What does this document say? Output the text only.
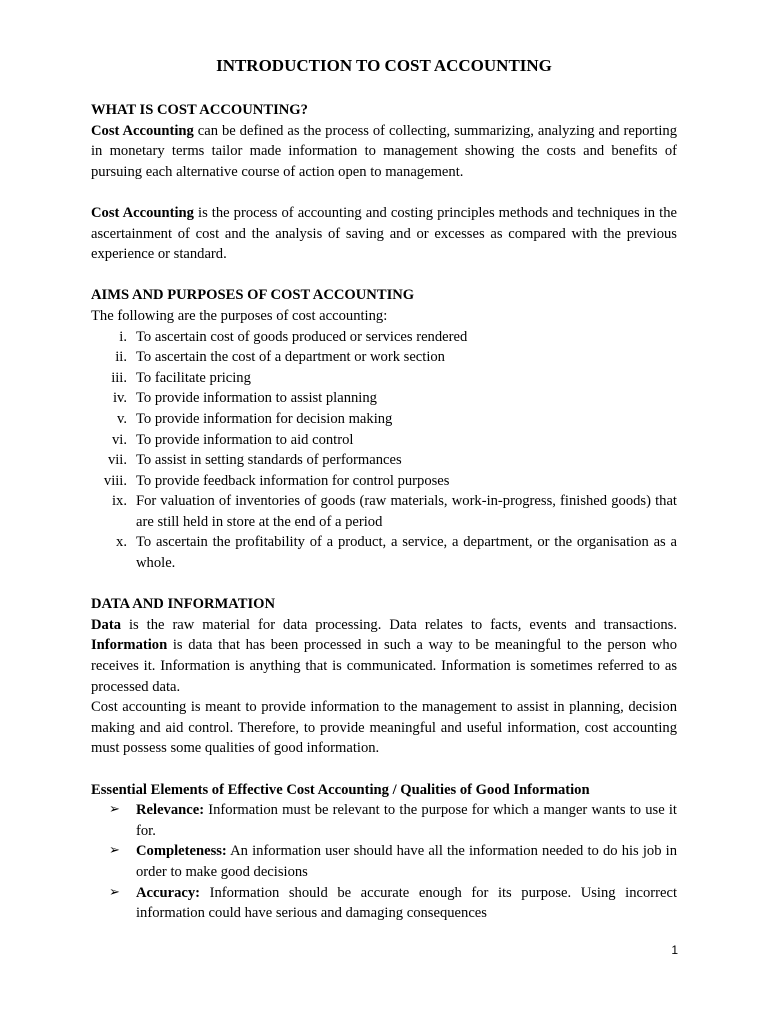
INTRODUCTION TO COST ACCOUNTING
WHAT IS COST ACCOUNTING?

Cost Accounting can be defined as the process of collecting, summarizing, analyzing and reporting in monetary terms tailor made information to management showing the costs and benefits of pursuing each alternative course of action open to management.

Cost Accounting is the process of accounting and costing principles methods and techniques in the ascertainment of cost and the analysis of saving and or excesses as compared with the previous experience or standard.

AIMS AND PURPOSES OF COST ACCOUNTING

The following are the purposes of cost accounting:

i. To ascertain cost of goods produced or services rendered
ii. To ascertain the cost of a department or work section
iii. To facilitate pricing
iv. To provide information to assist planning
v. To provide information for decision making
vi. To provide information to aid control
vii. To assist in setting standards of performances
viii. To provide feedback information for control purposes
ix. For valuation of inventories of goods (raw materials, work-in-progress, finished goods) that are still held in store at the end of a period
x. To ascertain the profitability of a product, a service, a department, or the organisation as a whole.
DATA AND INFORMATION

Data is the raw material for data processing. Data relates to facts, events and transactions. Information is data that has been processed in such a way to be meaningful to the person who receives it. Information is anything that is communicated. Information is sometimes referred to as processed data.

Cost accounting is meant to provide information to the management to assist in planning, decision making and aid control. Therefore, to provide meaningful and useful information, cost accounting must possess some qualities of good information.

Essential Elements of Effective Cost Accounting / Qualities of Good Information
➢	Relevance: Information must be relevant to the purpose for which a manger wants to use it for.
➢	Completeness: An information user should have all the information needed to do his job in order to make good decisions
➢	Accuracy: Information should be accurate enough for its purpose. Using incorrect information could have serious and damaging consequences
1
